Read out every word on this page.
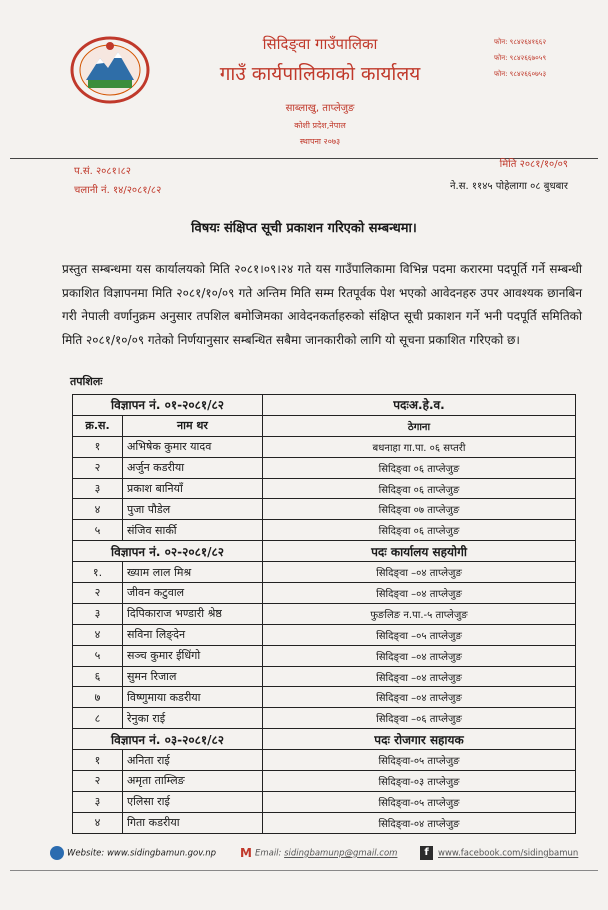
सिदिङ्वा गाउँपालिका
गाउँ कार्यपालिकाको कार्यालय
साब्लाखु, ताप्लेजुङ
कोशी प्रदेश,नेपाल
स्थापना २०७३
फोन: ९८४२६४१६६२
फोन: ९८४२६६७०५९
फोन: ९८४२६६०७५३
प.सं. २०८१।८२
चलानी नं. १४/२०८१/८२
मिति २०८१/१०/०९
ने.स. ११४५ पोहेलागा ०८ बुधबार
विषयः संक्षिप्त सूची प्रकाशन गरिएको सम्बन्धमा।
प्रस्तुत सम्बन्धमा यस कार्यालयको मिति २०८१।०९।२४ गते यस गाउँपालिकामा विभिन्न पदमा करारमा पदपूर्ति गर्ने सम्बन्धी प्रकाशित विज्ञापनमा मिति २०८१/१०/०९ गते अन्तिम मिति सम्म रितपूर्वक पेश भएको आवेदनहरु उपर आवश्यक छानबिन गरी नेपाली वर्णानुक्रम अनुसार तपशिल बमोजिमका आवेदनकर्ताहरुको संक्षिप्त सूची प्रकाशन गर्ने भनी पदपूर्ति समितिको मिति २०८१/१०/०९ गतेको निर्णयानुसार सम्बन्धित सबैमा जानकारीको लागि यो सूचना प्रकाशित गरिएको छ।
तपशिलः
विज्ञापन नं. ०१-२०८१/८२		पदःअ.हे.व.
क्र.स.	नाम थर	ठेगाना
१	अभिषेक कुमार यादव	बधनाहा गा.पा. ०६ सप्तरी
२	अर्जुन कडरीया	सिदिङ्वा ०६ ताप्लेजुङ
३	प्रकाश बानियाँ	सिदिङ्वा ०६ ताप्लेजुङ
४	पुजा पौडेल	सिदिङ्वा ०७ ताप्लेजुङ
५	संजिव सार्की	सिदिङ्वा ०६ ताप्लेजुङ
विज्ञापन नं. ०२-२०८१/८२		पदः कार्यालय सहयोगी
१.	ख्याम लाल मिश्र	सिदिङ्वा –०४ ताप्लेजुङ
२	जीवन कटुवाल	सिदिङ्वा –०४ ताप्लेजुङ
३	दिपिकाराज भण्डारी श्रेष्ठ	फुङलिङ न.पा.-५ ताप्लेजुङ
४	सविना लिङ्देन	सिदिङ्वा –०५ ताप्लेजुङ
५	सञ्च कुमार ईधिंगो	सिदिङ्वा –०४ ताप्लेजुङ
६	सुमन रिजाल	सिदिङ्वा –०४ ताप्लेजुङ
७	विष्णुमाया कडरीया	सिदिङ्वा –०४ ताप्लेजुङ
८	रेनुका राई	सिदिङ्वा –०६ ताप्लेजुङ
विज्ञापन नं. ०३-२०८१/८२		पदः रोजगार सहायक
१	अनिता राई	सिदिङ्वा-०५ ताप्लेजुङ
२	अमृता ताम्लिङ	सिदिङ्वा-०३ ताप्लेजुङ
३	एलिसा राई	सिदिङ्वा-०५ ताप्लेजुङ
४	गिता कडरीया	सिदिङ्वा-०४ ताप्लेजुङ
Website: www.sidingbamun.gov.np M Email: sidingbamunp@gmail.com	f www.facebook.com/sidingbamun
